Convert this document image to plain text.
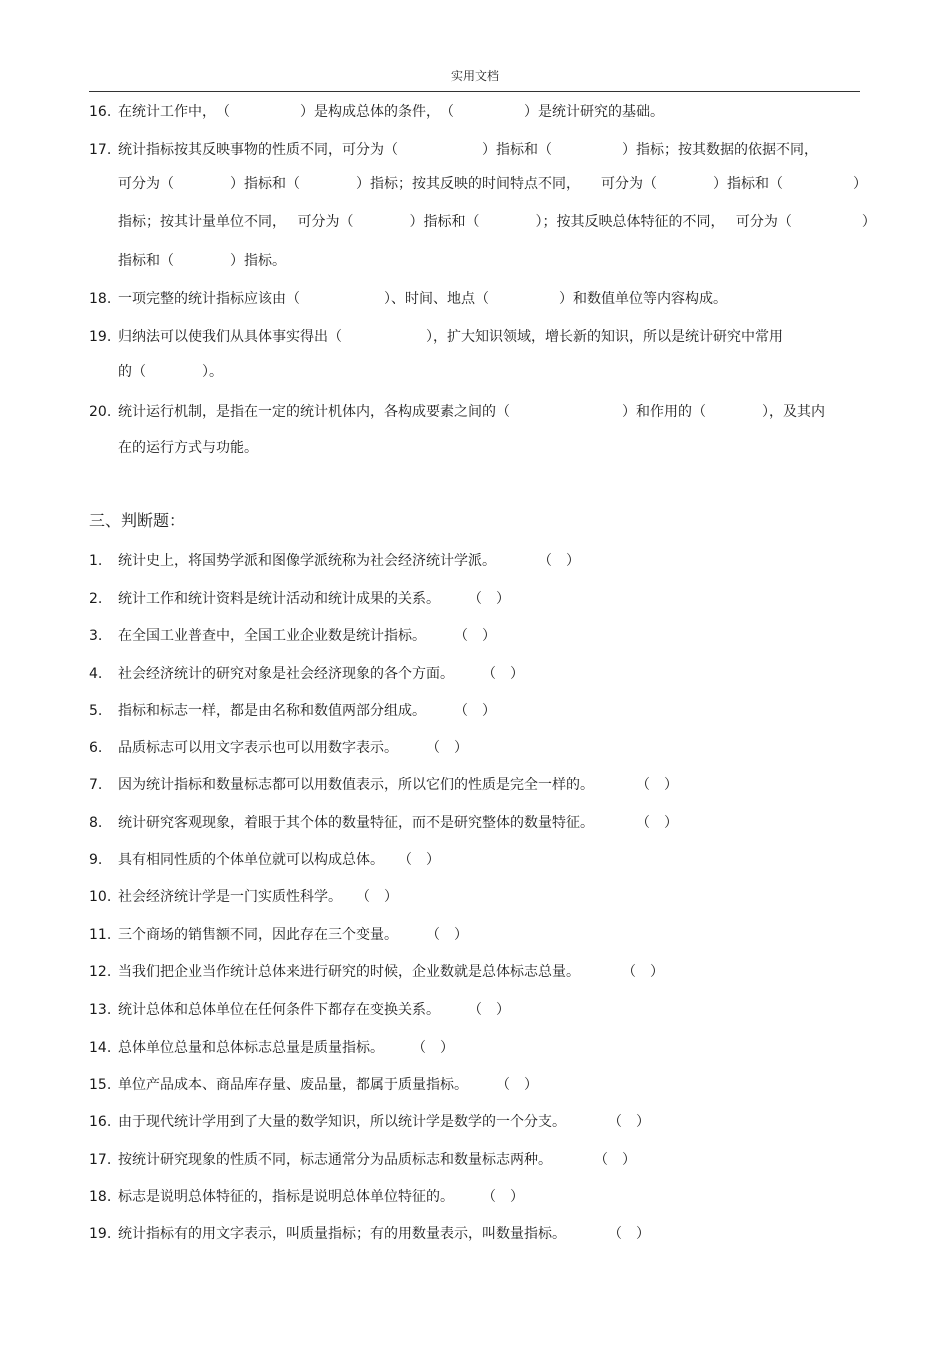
实用文档
16. 在统计工作中，　（　　　　　）是构成总体的条件，　（　　　　　）是统计研究的基础。
17. 统计指标按其反映事物的性质不同，可分为（　　　　　　）指标和（　　　　　）指标；按其数据的依据不同，
可分为（　　　　）指标和（　　　　）指标；按其反映的时间特点不同，　　可分为（　　　　）指标和（　　　　　）
指标；按其计量单位不同，　 可分为（　　　　）指标和（　　　　）；按其反映总体特征的不同，　 可分为（　　　　　）
指标和（　　　　）指标。
18. 一项完整的统计指标应该由（　　　　　　）、时间、地点（　　　　　）和数值单位等内容构成。
19. 归纳法可以使我们从具体事实得出（　　　　　　），扩大知识领域，增长新的知识，所以是统计研究中常用
的（　　　　）。
20. 统计运行机制，是指在一定的统计机体内，各构成要素之间的（　　　　　　　　）和作用的（　　　　），及其内
在的运行方式与功能。
三、判断题：
1. 统计史上，将国势学派和图像学派统称为社会经济统计学派。　　　　（　）
2. 统计工作和统计资料是统计活动和统计成果的关系。　　　（　）
3. 在全国工业普查中，全国工业企业数是统计指标。　　　（　）
4. 社会经济统计的研究对象是社会经济现象的各个方面。　　　（　）
5. 指标和标志一样，都是由名称和数值两部分组成。　　　（　）
6. 品质标志可以用文字表示也可以用数字表示。　　　（　）
7. 因为统计指标和数量标志都可以用数值表示，所以它们的性质是完全一样的。　　　　（　）
8. 统计研究客观现象，着眼于其个体的数量特征，而不是研究整体的数量特征。　　　　（　）
9. 具有相同性质的个体单位就可以构成总体。　　（　）
10. 社会经济统计学是一门实质性科学。　　（　）
11. 三个商场的销售额不同，因此存在三个变量。　　　（　）
12. 当我们把企业当作统计总体来进行研究的时候，企业数就是总体标志总量。　　　　（　）
13. 统计总体和总体单位在任何条件下都存在变换关系。　　　（　）
14. 总体单位总量和总体标志总量是质量指标。　　　（　）
15. 单位产品成本、商品库存量、废品量，都属于质量指标。　　　（　）
16. 由于现代统计学用到了大量的数学知识，所以统计学是数学的一个分支。　　　　（　）
17. 按统计研究现象的性质不同，标志通常分为品质标志和数量标志两种。　　　　（　）
18. 标志是说明总体特征的，指标是说明总体单位特征的。　　　（　）
19. 统计指标有的用文字表示，叫质量指标；有的用数量表示，叫数量指标。　　　　（　）
